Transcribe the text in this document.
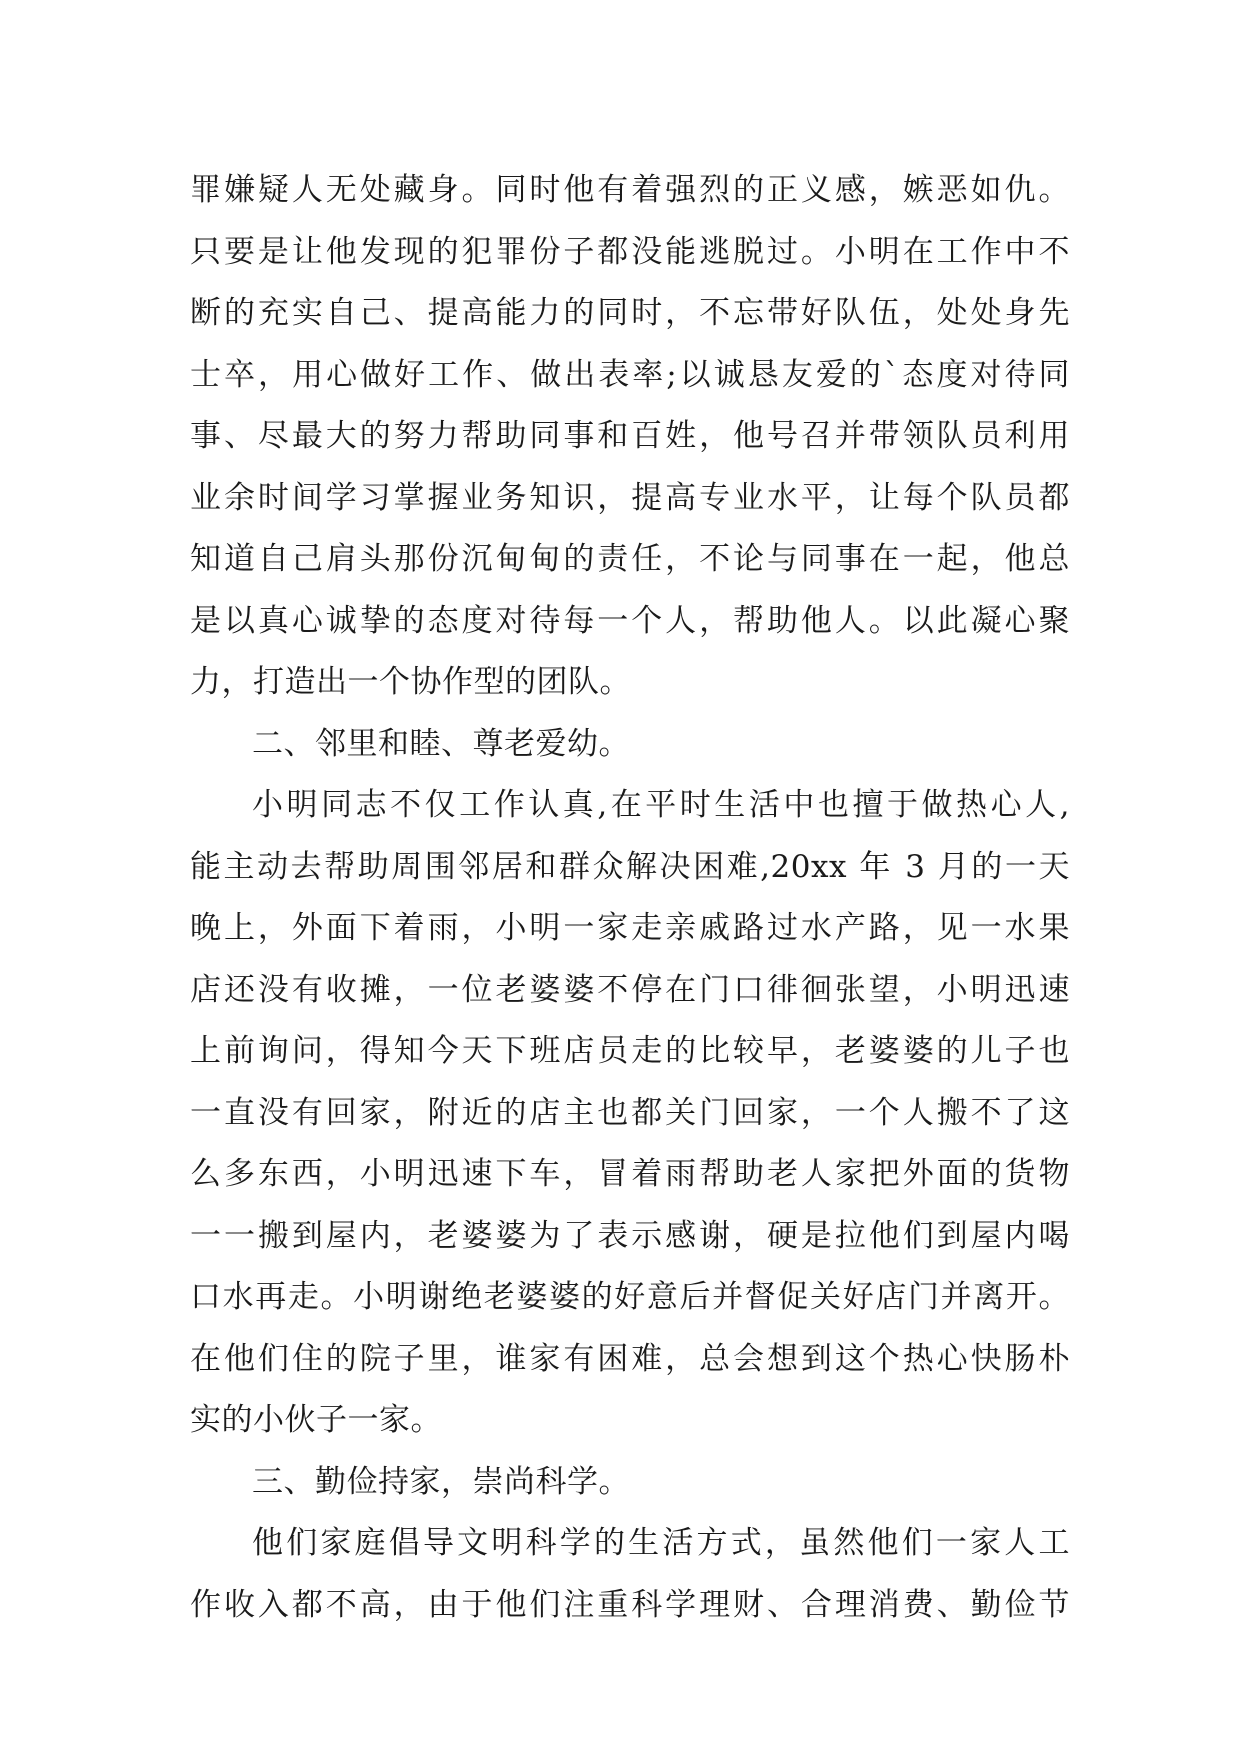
罪嫌疑人无处藏身。同时他有着强烈的正义感，嫉恶如仇。
只要是让他发现的犯罪份子都没能逃脱过。小明在工作中不
断的充实自己、提高能力的同时，不忘带好队伍，处处身先
士卒，用心做好工作、做出表率;以诚恳友爱的`态度对待同
事、尽最大的努力帮助同事和百姓，他号召并带领队员利用
业余时间学习掌握业务知识，提高专业水平，让每个队员都
知道自己肩头那份沉甸甸的责任，不论与同事在一起，他总
是以真心诚挚的态度对待每一个人，帮助他人。以此凝心聚
力，打造出一个协作型的团队。
二、邻里和睦、尊老爱幼。
小明同志不仅工作认真,在平时生活中也擅于做热心人,
能主动去帮助周围邻居和群众解决困难,20xx 年 3 月的一天
晚上，外面下着雨，小明一家走亲戚路过水产路，见一水果
店还没有收摊，一位老婆婆不停在门口徘徊张望，小明迅速
上前询问，得知今天下班店员走的比较早，老婆婆的儿子也
一直没有回家，附近的店主也都关门回家，一个人搬不了这
么多东西，小明迅速下车，冒着雨帮助老人家把外面的货物
一一搬到屋内，老婆婆为了表示感谢，硬是拉他们到屋内喝
口水再走。小明谢绝老婆婆的好意后并督促关好店门并离开。
在他们住的院子里，谁家有困难，总会想到这个热心快肠朴
实的小伙子一家。
三、勤俭持家，崇尚科学。
他们家庭倡导文明科学的生活方式，虽然他们一家人工
作收入都不高，由于他们注重科学理财、合理消费、勤俭节
